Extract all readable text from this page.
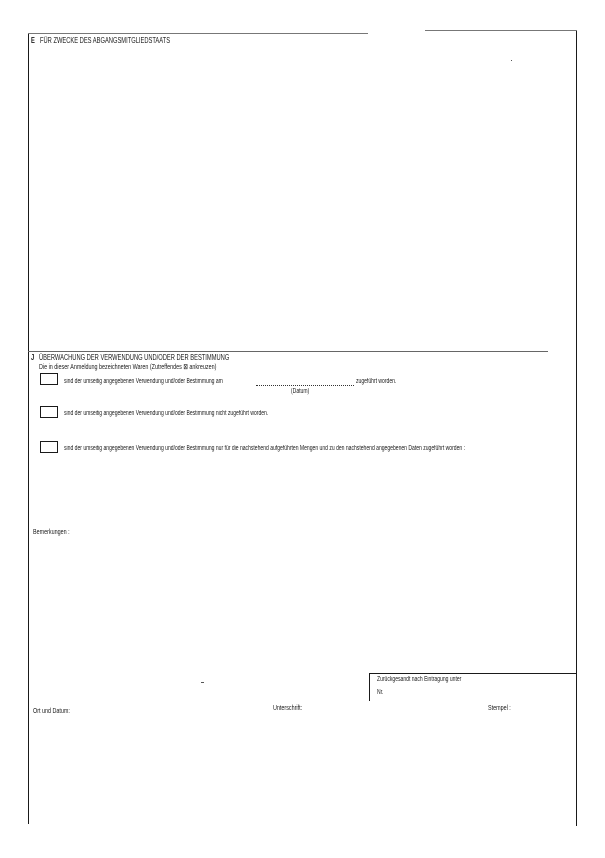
E FÜR ZWECKE DES ABGANGSMITGLIEDSTAATS
J ÜBERWACHUNG DER VERWENDUNG UND/ODER DER BESTIMMUNG
Die in dieser Anmeldung bezeichneten Waren (Zutreffendes ⊠ ankreuzen)
sind der umseitig angegebenen Verwendung und/oder Bestimmung am	zugeführt worden.
(Datum)
sind der umseitig angegebenen Verwendung und/oder Bestimmung nicht zugeführt worden.
sind der umseitig angegebenen Verwendung und/oder Bestimmung nur für die nachstehend aufgeführten Mengen und zu den nachstehend angegebenen Daten zugeführt worden :
Bemerkungen :
Zurückgesandt nach Eintragung unter
Nr.
Ort und Datum:	Unterschrift:	Stempel :
